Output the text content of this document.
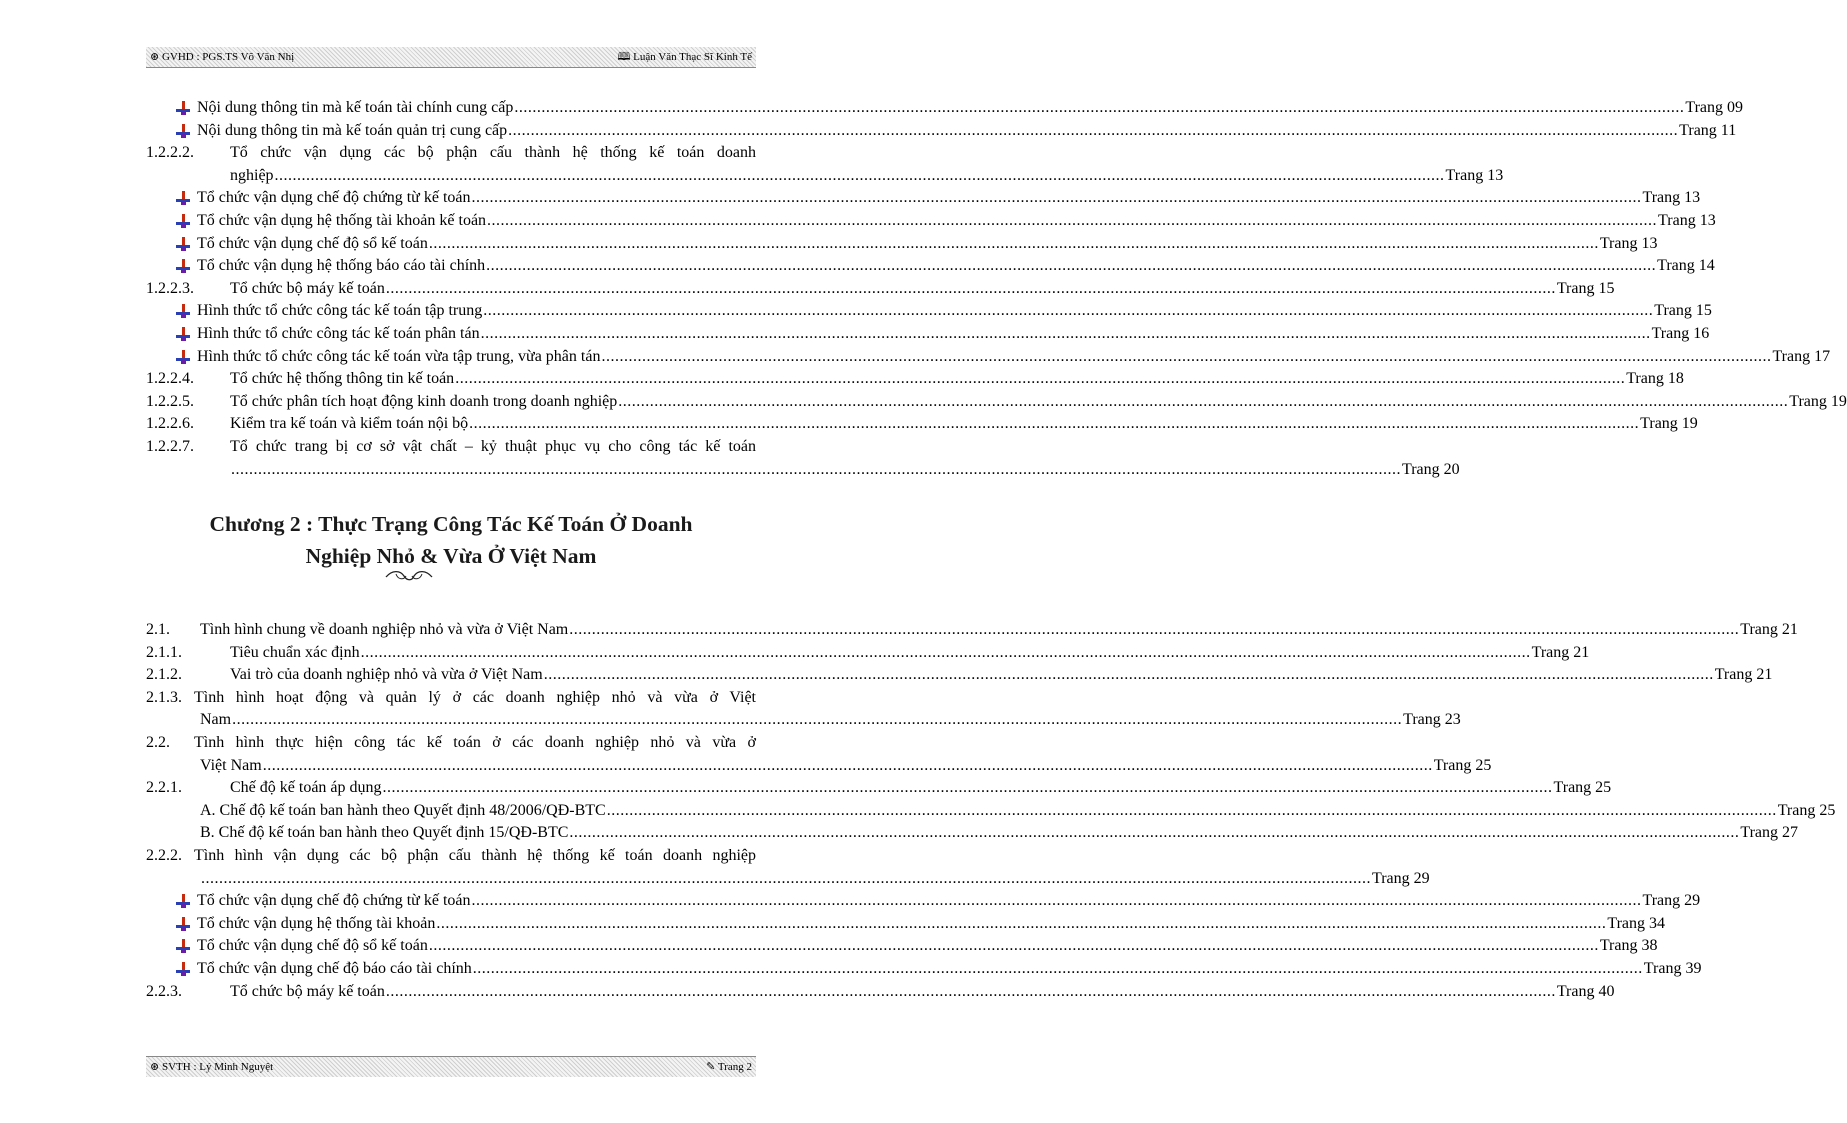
⊛ GVHD : PGS.TS Võ Văn Nhị	🕮 Luận Văn Thạc Sĩ Kinh Tế
Nội dung thông tin mà kế toán tài chính cung cấp .................................................................................................................................................................................................................................................................... Trang 09
Nội dung thông tin mà kế toán quản trị cung cấp .................................................................................................................................................................................................................................................................... Trang 11
1.2.2.2. Tổ chức vận dụng các bộ phận cấu thành hệ thống kế toán doanh
nghiệp .................................................................................................................................................................................................................................................................... Trang 13
Tổ chức vận dụng chế độ chứng từ kế toán .................................................................................................................................................................................................................................................................... Trang 13
Tổ chức vận dụng hệ thống tài khoản kế toán .................................................................................................................................................................................................................................................................... Trang 13
Tổ chức vận dụng chế độ sổ kế toán .................................................................................................................................................................................................................................................................... Trang 13
Tổ chức vận dụng hệ thống báo cáo tài chính .................................................................................................................................................................................................................................................................... Trang 14
1.2.2.3. Tổ chức bộ máy kế toán .................................................................................................................................................................................................................................................................... Trang 15
Hình thức tổ chức công tác kế toán tập trung .................................................................................................................................................................................................................................................................... Trang 15
Hình thức tổ chức công tác kế toán phân tán .................................................................................................................................................................................................................................................................... Trang 16
Hình thức tổ chức công tác kế toán vừa tập trung, vừa phân tán .................................................................................................................................................................................................................................................................... Trang 17
1.2.2.4. Tổ chức hệ thống thông tin kế toán .................................................................................................................................................................................................................................................................... Trang 18
1.2.2.5. Tổ chức phân tích hoạt động kinh doanh trong doanh nghiệp .................................................................................................................................................................................................................................................................... Trang 19
1.2.2.6. Kiểm tra kế toán và kiểm toán nội bộ .................................................................................................................................................................................................................................................................... Trang 19
1.2.2.7. Tổ chức trang bị cơ sở vật chất – kỷ thuật phục vụ cho công tác kế toán
.................................................................................................................................................................................................................................................................... Trang 20
Chương 2 : Thực Trạng Công Tác Kế Toán Ở Doanh
Nghiệp Nhỏ & Vừa Ở Việt Nam
2.1. Tình hình chung về doanh nghiệp nhỏ và vừa ở Việt Nam .................................................................................................................................................................................................................................................................... Trang 21
2.1.1.	Tiêu chuẩn xác định .................................................................................................................................................................................................................................................................... Trang 21
2.1.2.	Vai trò của doanh nghiệp nhỏ và vừa ở Việt Nam .................................................................................................................................................................................................................................................................... Trang 21
2.1.3. Tình hình hoạt động và quản lý ở các doanh nghiệp nhỏ và vừa ở Việt
Nam .................................................................................................................................................................................................................................................................... Trang 23
2.2. Tình hình thực hiện công tác kế toán ở các doanh nghiệp nhỏ và vừa ở
Việt Nam .................................................................................................................................................................................................................................................................... Trang 25
2.2.1.	Chế độ kế toán áp dụng .................................................................................................................................................................................................................................................................... Trang 25
A. Chế độ kế toán ban hành theo Quyết định 48/2006/QĐ-BTC .................................................................................................................................................................................................................................................................... Trang 25
B. Chế độ kế toán ban hành theo Quyết định 15/QĐ-BTC .................................................................................................................................................................................................................................................................... Trang 27
2.2.2. Tình hình vận dụng các bộ phận cấu thành hệ thống kế toán doanh nghiệp
.................................................................................................................................................................................................................................................................... Trang 29
Tổ chức vận dụng chế độ chứng từ kế toán .................................................................................................................................................................................................................................................................... Trang 29
Tổ chức vận dụng hệ thống tài khoản .................................................................................................................................................................................................................................................................... Trang 34
Tổ chức vận dụng chế độ sổ kế toán .................................................................................................................................................................................................................................................................... Trang 38
Tổ chức vận dụng chế độ báo cáo tài chính .................................................................................................................................................................................................................................................................... Trang 39
2.2.3.	Tổ chức bộ máy kế toán .................................................................................................................................................................................................................................................................... Trang 40
⊛ SVTH : Lý Minh Nguyệt	✎ Trang 2
